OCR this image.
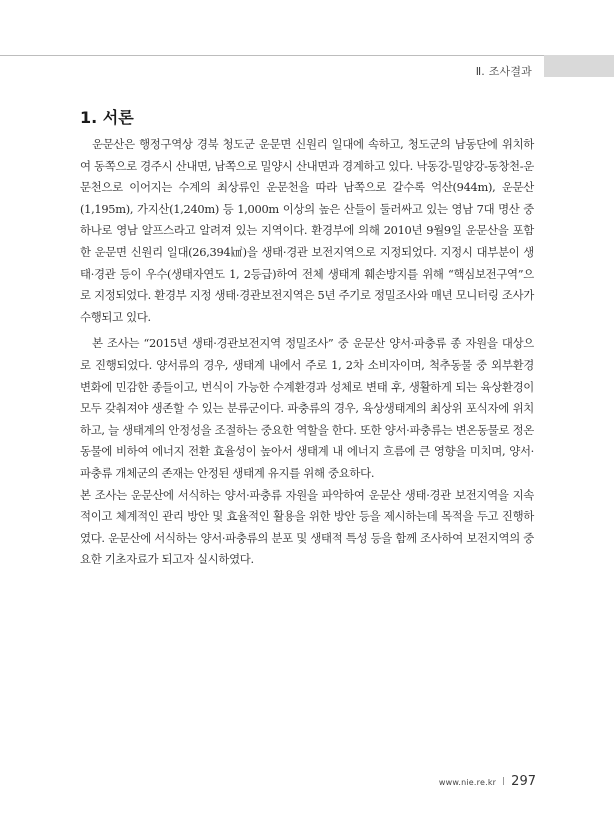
Ⅱ. 조사결과
1. 서론

운문산은 행정구역상 경북 청도군 운문면 신원리 일대에 속하고, 청도군의 남동단에 위치하여 동쪽으로 경주시 산내면, 남쪽으로 밀양시 산내면과 경계하고 있다. 낙동강-밀양강-동창천-운문천으로 이어지는 수계의 최상류인 운문천을 따라 남쪽으로 갈수록 억산(944m), 운문산(1,195m), 가지산(1,240m) 등 1,000m 이상의 높은 산들이 둘러싸고 있는 영남 7대 명산 중 하나로 영남 알프스라고 알려져 있는 지역이다. 환경부에 의해 2010년 9월9일 운문산을 포함한 운문면 신원리 일대(26,394㎢)을 생태·경관 보전지역으로 지정되었다. 지정시 대부분이 생태·경관 등이 우수(생태자연도 1, 2등급)하여 전체 생태계 훼손방지를 위해 “핵심보전구역”으로 지정되었다. 환경부 지정 생태·경관보전지역은 5년 주기로 정밀조사와 매년 모니터링 조사가 수행되고 있다.

본 조사는 “2015년 생태·경관보전지역 정밀조사” 중 운문산 양서·파충류 종 자원을 대상으로 진행되었다. 양서류의 경우, 생태계 내에서 주로 1, 2차 소비자이며, 척추동물 중 외부환경 변화에 민감한 종들이고, 번식이 가능한 수계환경과 성체로 변태 후, 생활하게 되는 육상환경이 모두 갖춰져야 생존할 수 있는 분류군이다. 파충류의 경우, 육상생태계의 최상위 포식자에 위치하고, 늘 생태계의 안정성을 조절하는 중요한 역할을 한다. 또한 양서·파충류는 변온동물로 정온동물에 비하여 에너지 전환 효율성이 높아서 생태계 내 에너지 흐름에 큰 영향을 미치며, 양서·파충류 개체군의 존재는 안정된 생태계 유지를 위해 중요하다.

본 조사는 운문산에 서식하는 양서·파충류 자원을 파악하여 운문산 생태·경관 보전지역을 지속적이고 체계적인 관리 방안 및 효율적인 활용을 위한 방안 등을 제시하는데 목적을 두고 진행하였다. 운문산에 서식하는 양서·파충류의 분포 및 생태적 특성 등을 함께 조사하여 보전지역의 중요한 기초자료가 되고자 실시하였다.

www.nie.re.kr 297
